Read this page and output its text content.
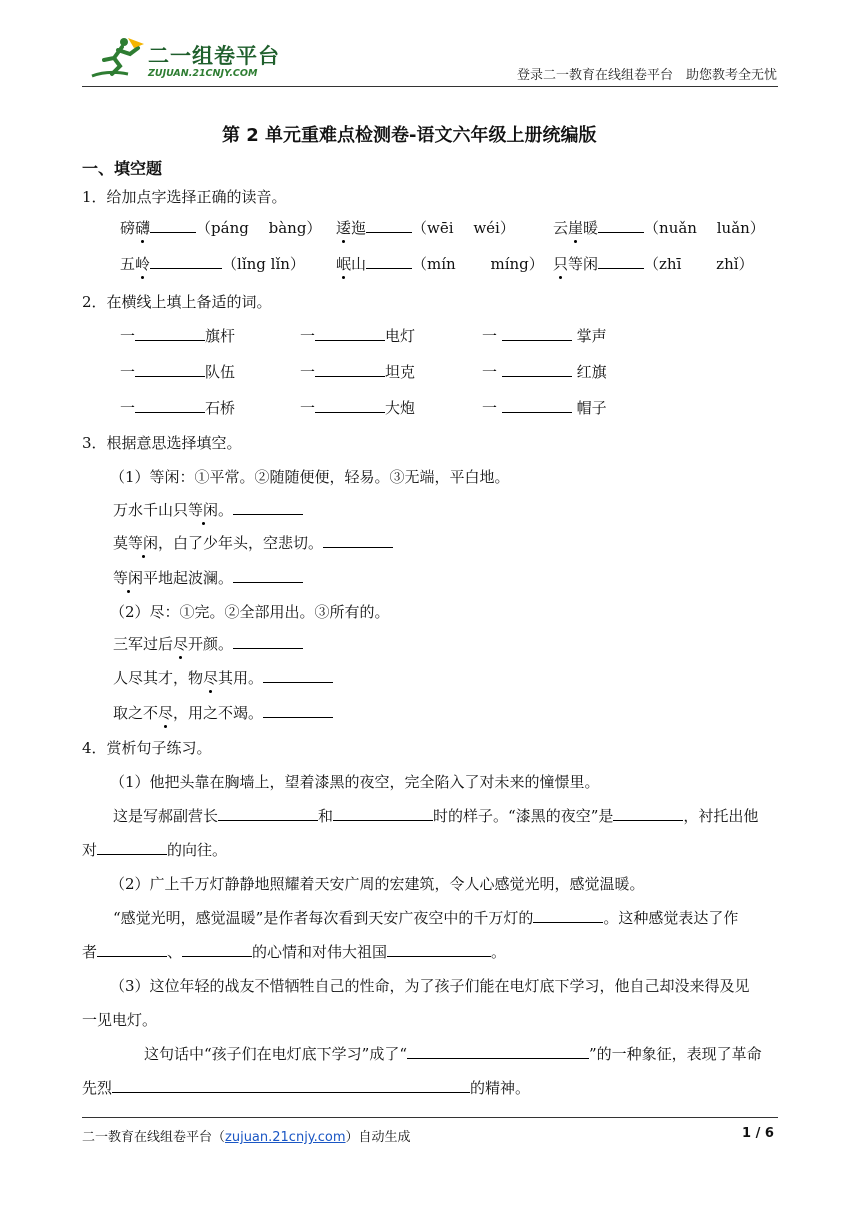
二一组卷平台
ZUJUAN.21CNJY.COM	登录二一教育在线组卷平台　助您教考全无忧
第 2 单元重难点检测卷-语文六年级上册统编版
一、填空题
1．给加点字选择正确的读音。
磅礴	（páng　 bàng） 逶迤	（wēi　 wéi）	云崖暖	（nuǎn　 luǎn）
五岭	（lǐng lǐn） 岷山	（mín　　 míng） 只等闲	（zhī　　 zhǐ）
2．在横线上填上备适的词。
一	旗杆	一	电灯	一	掌声
一	队伍	一	坦克	一	红旗
一	石桥	一	大炮	一	帽子
3．根据意思选择填空。
（1）等闲：①平常。②随随便便，轻易。③无端，平白地。
万水千山只等闲。
莫等闲，白了少年头，空悲切。
等闲平地起波澜。
（2）尽：①完。②全部用出。③所有的。
三军过后尽开颜。
人尽其才，物尽其用。
取之不尽，用之不竭。
4．赏析句子练习。
（1）他把头靠在胸墙上，望着漆黑的夜空，完全陷入了对未来的憧憬里。
这是写郝副营长	和	时的样子。“漆黑的夜空”是	，衬托出他
对	的向往。
（2）广上千万灯静静地照耀着天安广周的宏建筑，令人心感觉光明，感觉温暖。
“感觉光明，感觉温暖”是作者每次看到天安广夜空中的千万灯的	。这种感觉表达了作
者	、	的心情和对伟大祖国	。
（3）这位年轻的战友不惜牺牲自己的性命，为了孩子们能在电灯底下学习，他自己却没来得及见
一见电灯。
这句话中“孩子们在电灯底下学习”成了“	”的一种象征，表现了革命
先烈	的精神。
二一教育在线组卷平台（zujuan.21cnjy.com）自动生成	1 / 6
